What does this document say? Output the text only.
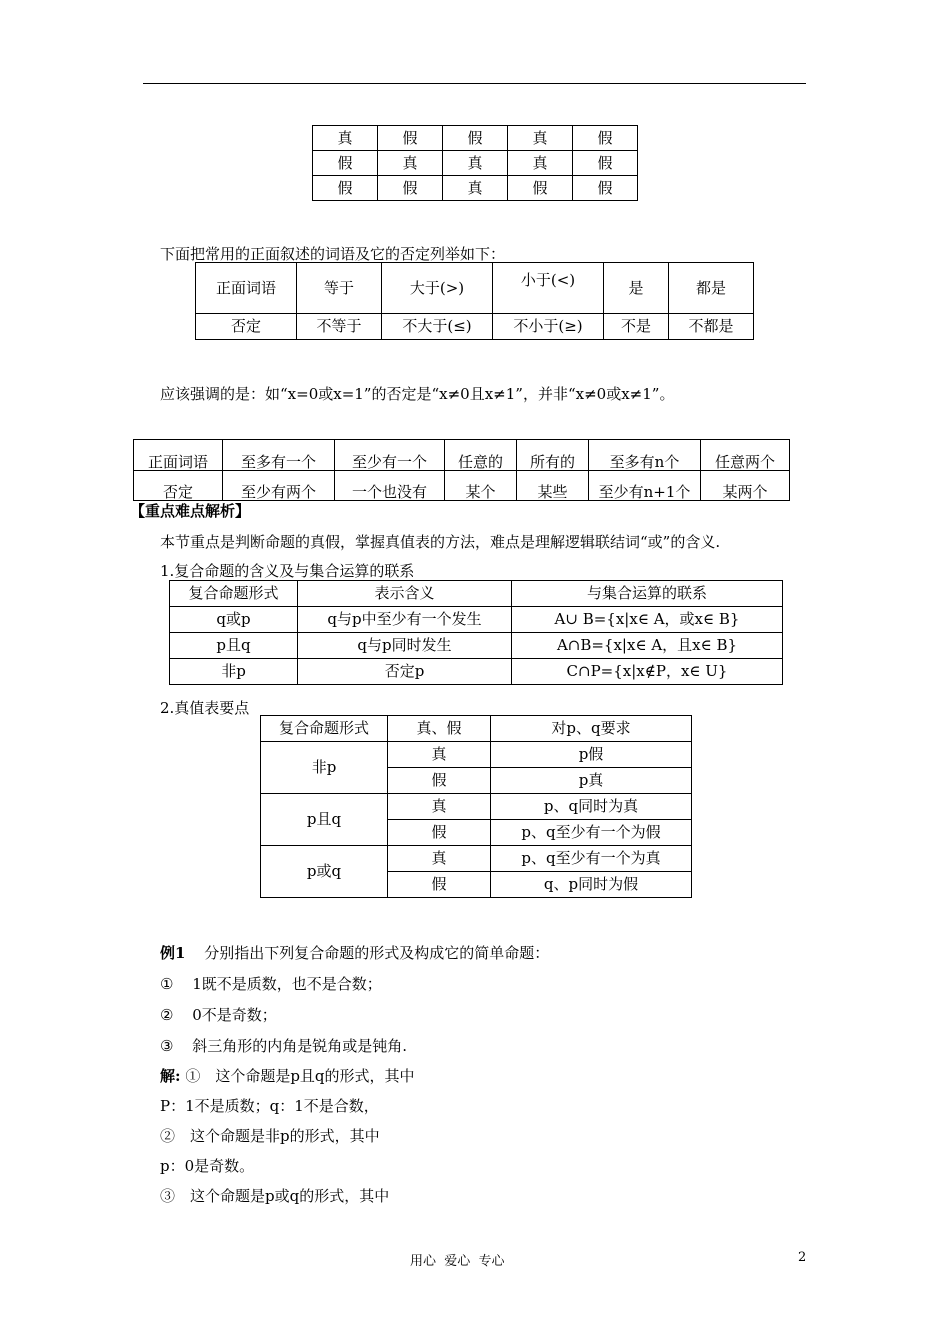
真	假	假	真	假
假	真	真	真	假
假	假	真	假	假
下面把常用的正面叙述的词语及它的否定列举如下：
正面词语	等于	大于(>)	小于(<)	是	都是
否定	不等于	不大于(≤)	不小于(≥)	不是	不都是
应该强调的是：如“x=0或x=1”的否定是“x≠0且x≠1”，并非“x≠0或x≠1”。
正面词语	至多有一个	至少有一个	任意的	所有的	至多有n个	任意两个
否定	至少有两个	一个也没有	某个	某些	至少有n+1个	某两个
【重点难点解析】
本节重点是判断命题的真假，掌握真值表的方法，难点是理解逻辑联结词“或”的含义.
1.复合命题的含义及与集合运算的联系
复合命题形式	表示含义	与集合运算的联系
q或p	q与p中至少有一个发生	A∪ B={x|x∈ A，或x∈ B}
p且q	q与p同时发生	A∩B={x|x∈ A，且x∈ B}
非p	否定p	C∩P={x|x∉P，x∈ U}
2.真值表要点
复合命题形式	真、假	对p、q要求
非p	真	p假
	假	p真
p且q	真	p、q同时为真
	假	p、q至少有一个为假
p或q	真	p、q至少有一个为真
	假	q、p同时为假
例1 分别指出下列复合命题的形式及构成它的简单命题：
① 1既不是质数，也不是合数；
② 0不是奇数；
③ 斜三角形的内角是锐角或是钝角.
解: ①　这个命题是p且q的形式，其中
P：1不是质数；q：1不是合数，
②　这个命题是非p的形式，其中
p：0是奇数。
③　这个命题是p或q的形式，其中
用心  爱心  专心	2
